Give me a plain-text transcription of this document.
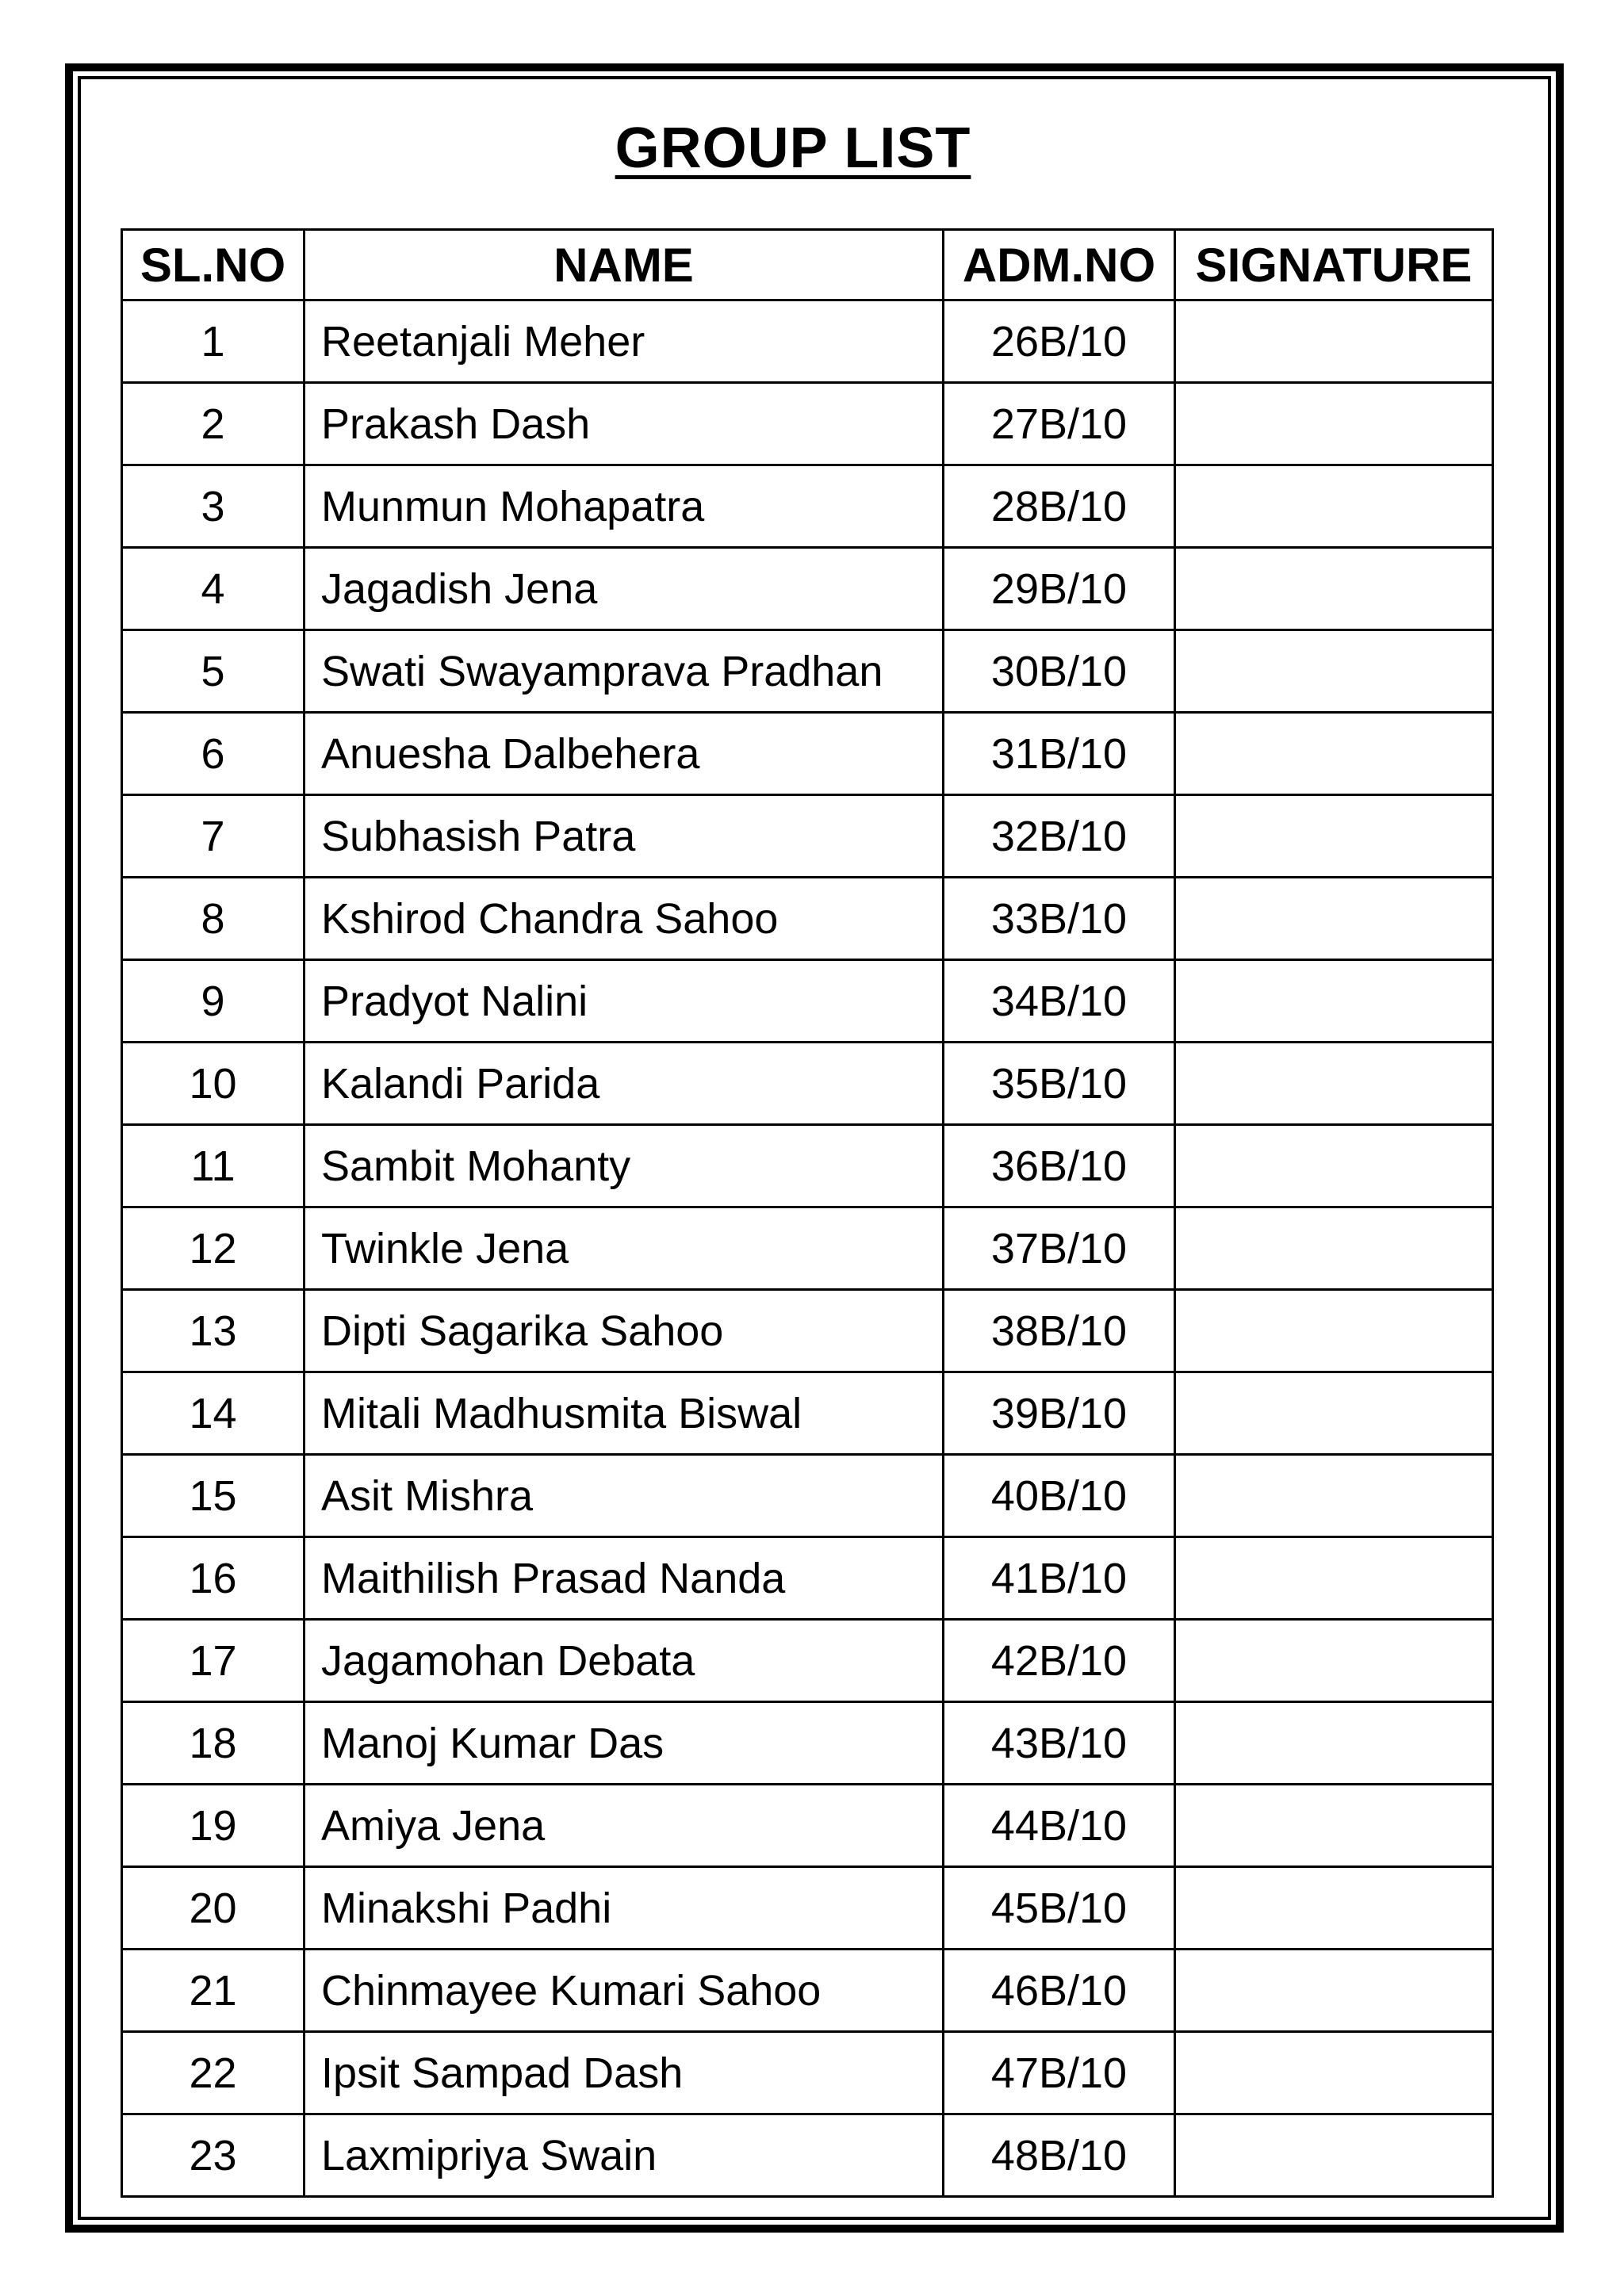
GROUP LIST
SL.NO	NAME	ADM.NO	SIGNATURE
1	Reetanjali Meher	26B/10	
2	Prakash Dash	27B/10	
3	Munmun Mohapatra	28B/10	
4	Jagadish Jena	29B/10	
5	Swati Swayamprava Pradhan	30B/10	
6	Anuesha Dalbehera	31B/10	
7	Subhasish Patra	32B/10	
8	Kshirod Chandra Sahoo	33B/10	
9	Pradyot Nalini	34B/10	
10	Kalandi Parida	35B/10	
11	Sambit Mohanty	36B/10	
12	Twinkle Jena	37B/10	
13	Dipti Sagarika Sahoo	38B/10	
14	Mitali Madhusmita Biswal	39B/10	
15	Asit Mishra	40B/10	
16	Maithilish Prasad Nanda	41B/10	
17	Jagamohan Debata	42B/10	
18	Manoj Kumar Das	43B/10	
19	Amiya Jena	44B/10	
20	Minakshi Padhi	45B/10	
21	Chinmayee Kumari Sahoo	46B/10	
22	Ipsit Sampad Dash	47B/10	
23	Laxmipriya Swain	48B/10	
